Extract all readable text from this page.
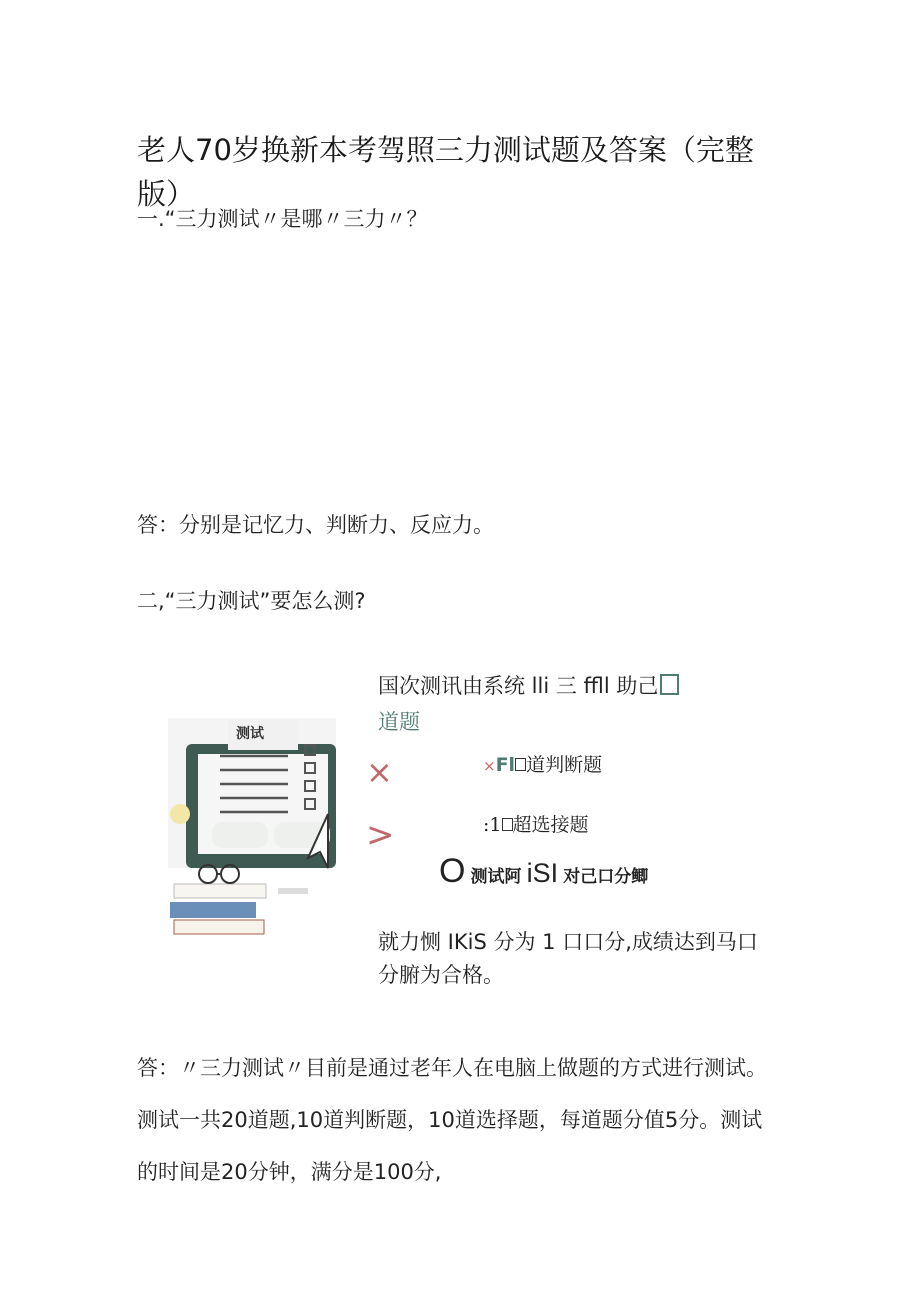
老人70岁换新本考驾照三力测试题及答案（完整版）
一.“三力测试〃是哪〃三力〃？
答：分别是记忆力、判断力、反应力。
二,“三力测试”要怎么测?
测试
×
>
国次测讯由系统 lli 三 ffll 助己
道题
×Fl 道判断题
:1 超选接题
O 测试阿 iSI 对己口分鲫
就力恻 IKiS 分为 1 口口分,成绩达到马口分腑为合格。
答：〃三力测试〃目前是通过老年人在电脑上做题的方式进行测试。测试一共20道题,10道判断题，10道选择题，每道题分值5分。测试的时间是20分钟，满分是100分,
